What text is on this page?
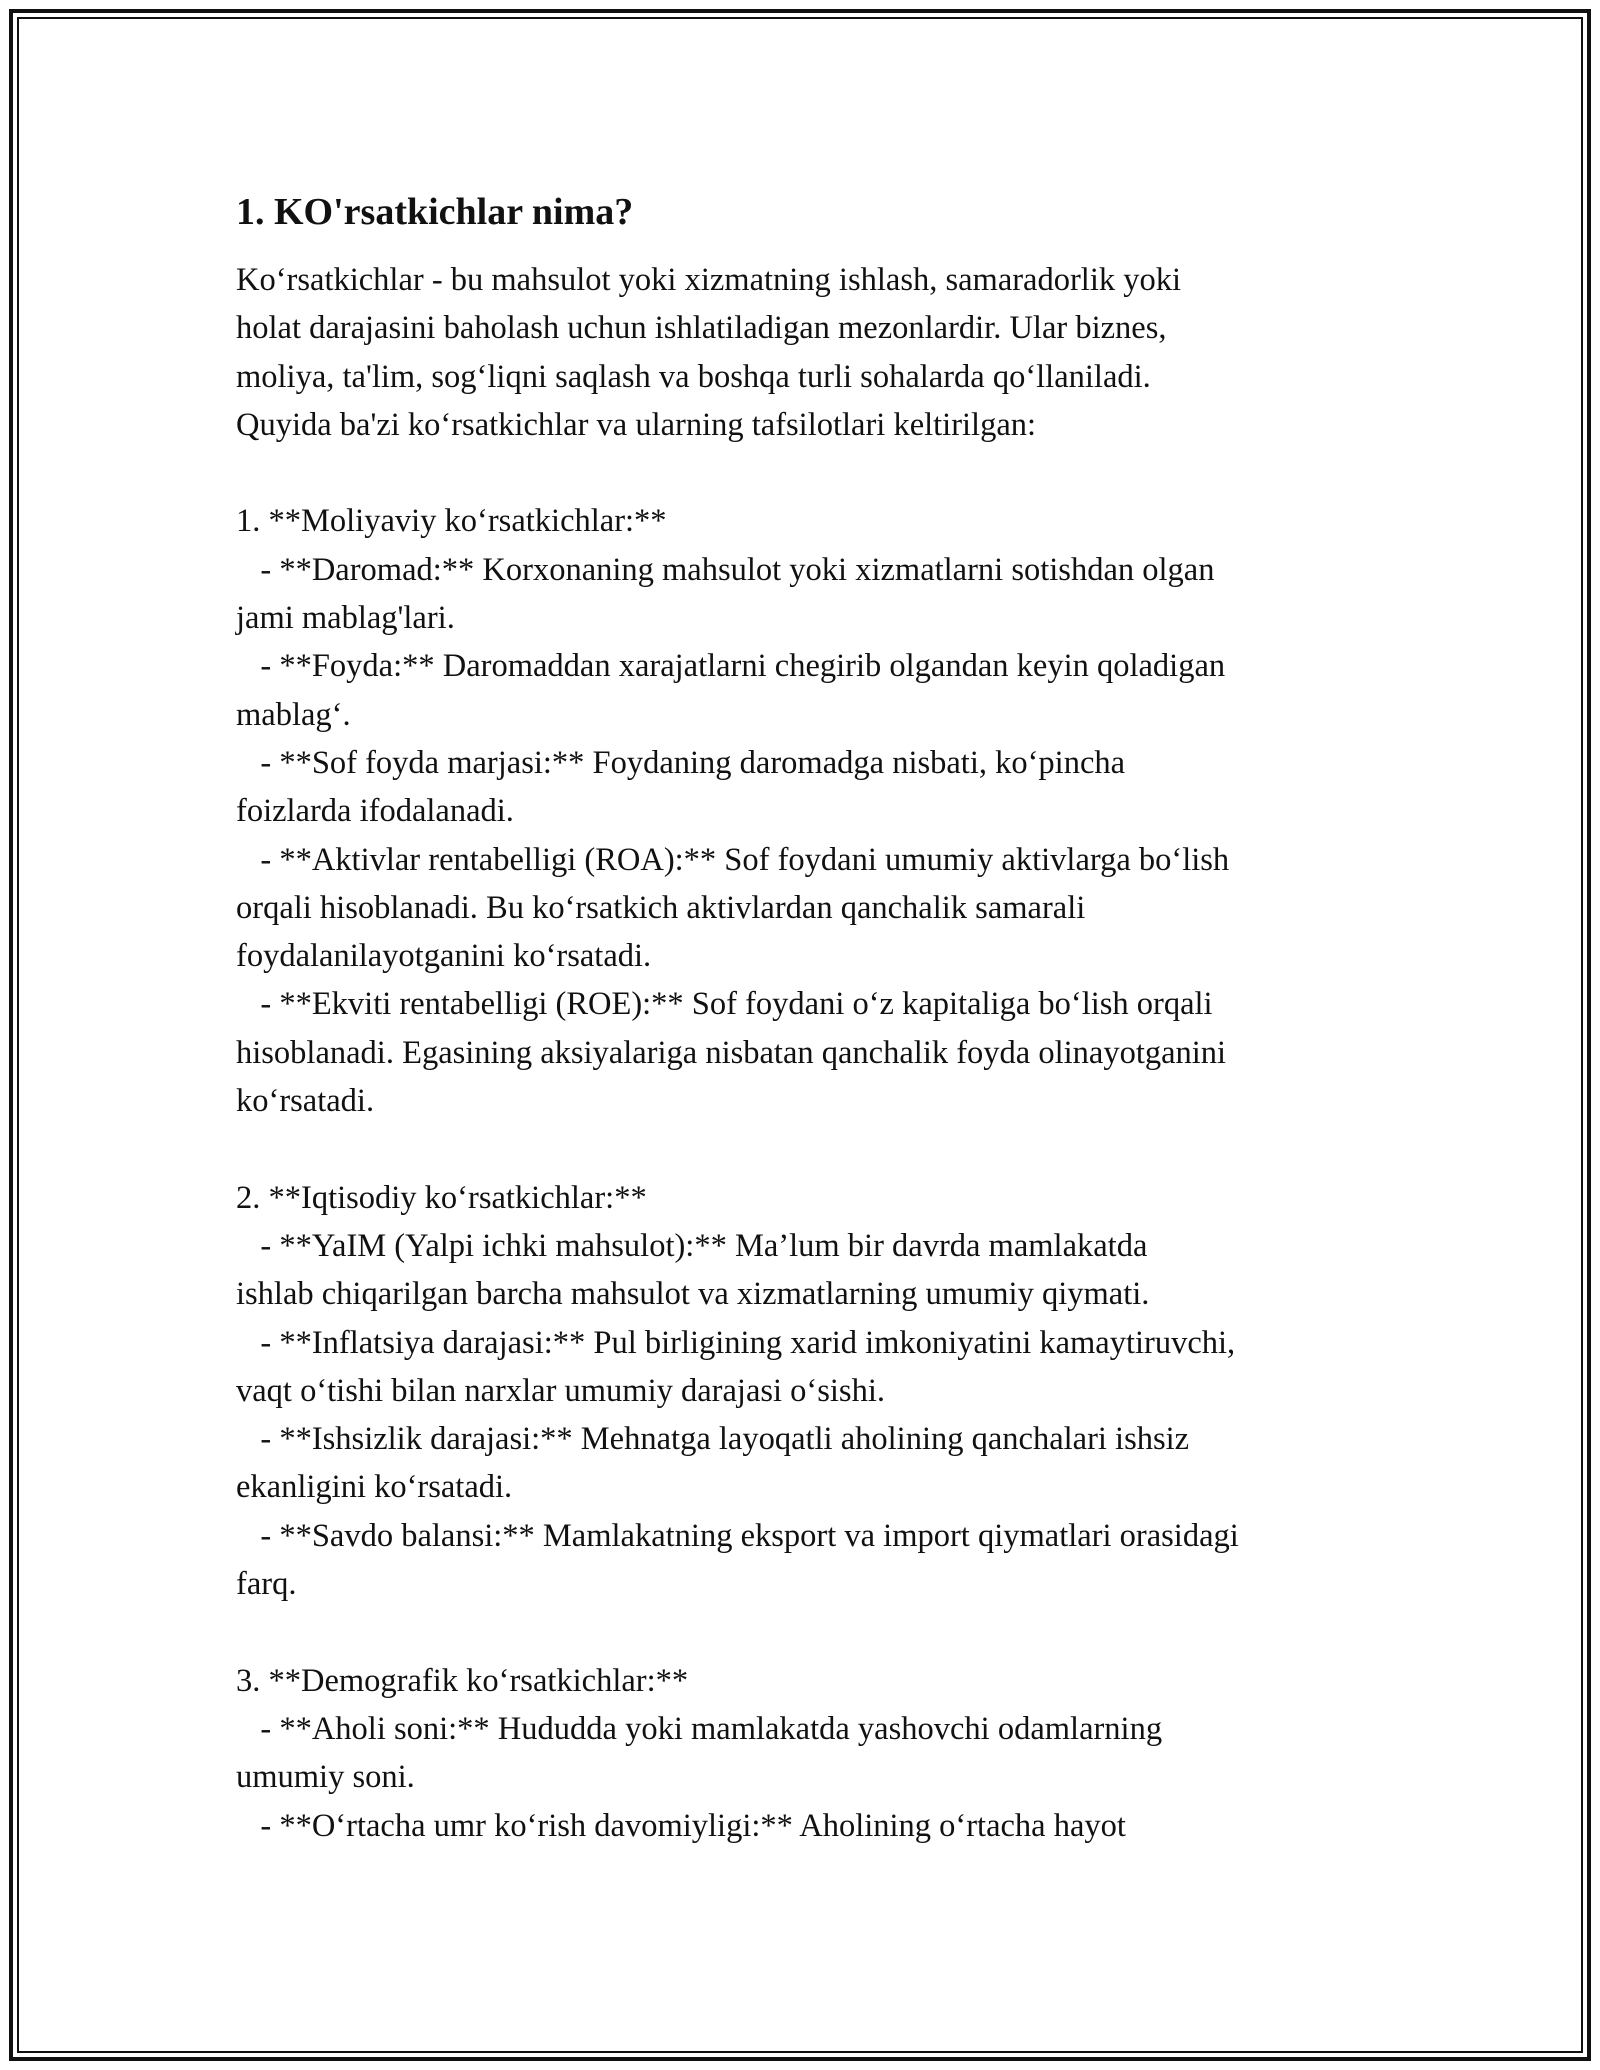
1. KO'rsatkichlar nima?
Ko‘rsatkichlar - bu mahsulot yoki xizmatning ishlash, samaradorlik yoki
holat darajasini baholash uchun ishlatiladigan mezonlardir. Ular biznes,
moliya, ta'lim, sog‘liqni saqlash va boshqa turli sohalarda qo‘llaniladi.
Quyida ba'zi ko‘rsatkichlar va ularning tafsilotlari keltirilgan:
1. **Moliyaviy ko‘rsatkichlar:**
- **Daromad:** Korxonaning mahsulot yoki xizmatlarni sotishdan olgan
jami mablag'lari.
- **Foyda:** Daromaddan xarajatlarni chegirib olgandan keyin qoladigan
mablag‘.
- **Sof foyda marjasi:** Foydaning daromadga nisbati, ko‘pincha
foizlarda ifodalanadi.
- **Aktivlar rentabelligi (ROA):** Sof foydani umumiy aktivlarga bo‘lish
orqali hisoblanadi. Bu ko‘rsatkich aktivlardan qanchalik samarali
foydalanilayotganini ko‘rsatadi.
- **Ekviti rentabelligi (ROE):** Sof foydani o‘z kapitaliga bo‘lish orqali
hisoblanadi. Egasining aksiyalariga nisbatan qanchalik foyda olinayotganini
ko‘rsatadi.
2. **Iqtisodiy ko‘rsatkichlar:**
- **YaIM (Yalpi ichki mahsulot):** Ma’lum bir davrda mamlakatda
ishlab chiqarilgan barcha mahsulot va xizmatlarning umumiy qiymati.
- **Inflatsiya darajasi:** Pul birligining xarid imkoniyatini kamaytiruvchi,
vaqt o‘tishi bilan narxlar umumiy darajasi o‘sishi.
- **Ishsizlik darajasi:** Mehnatga layoqatli aholining qanchalari ishsiz
ekanligini ko‘rsatadi.
- **Savdo balansi:** Mamlakatning eksport va import qiymatlari orasidagi
farq.
3. **Demografik ko‘rsatkichlar:**
- **Aholi soni:** Hududda yoki mamlakatda yashovchi odamlarning
umumiy soni.
- **O‘rtacha umr ko‘rish davomiyligi:** Aholining o‘rtacha hayot
